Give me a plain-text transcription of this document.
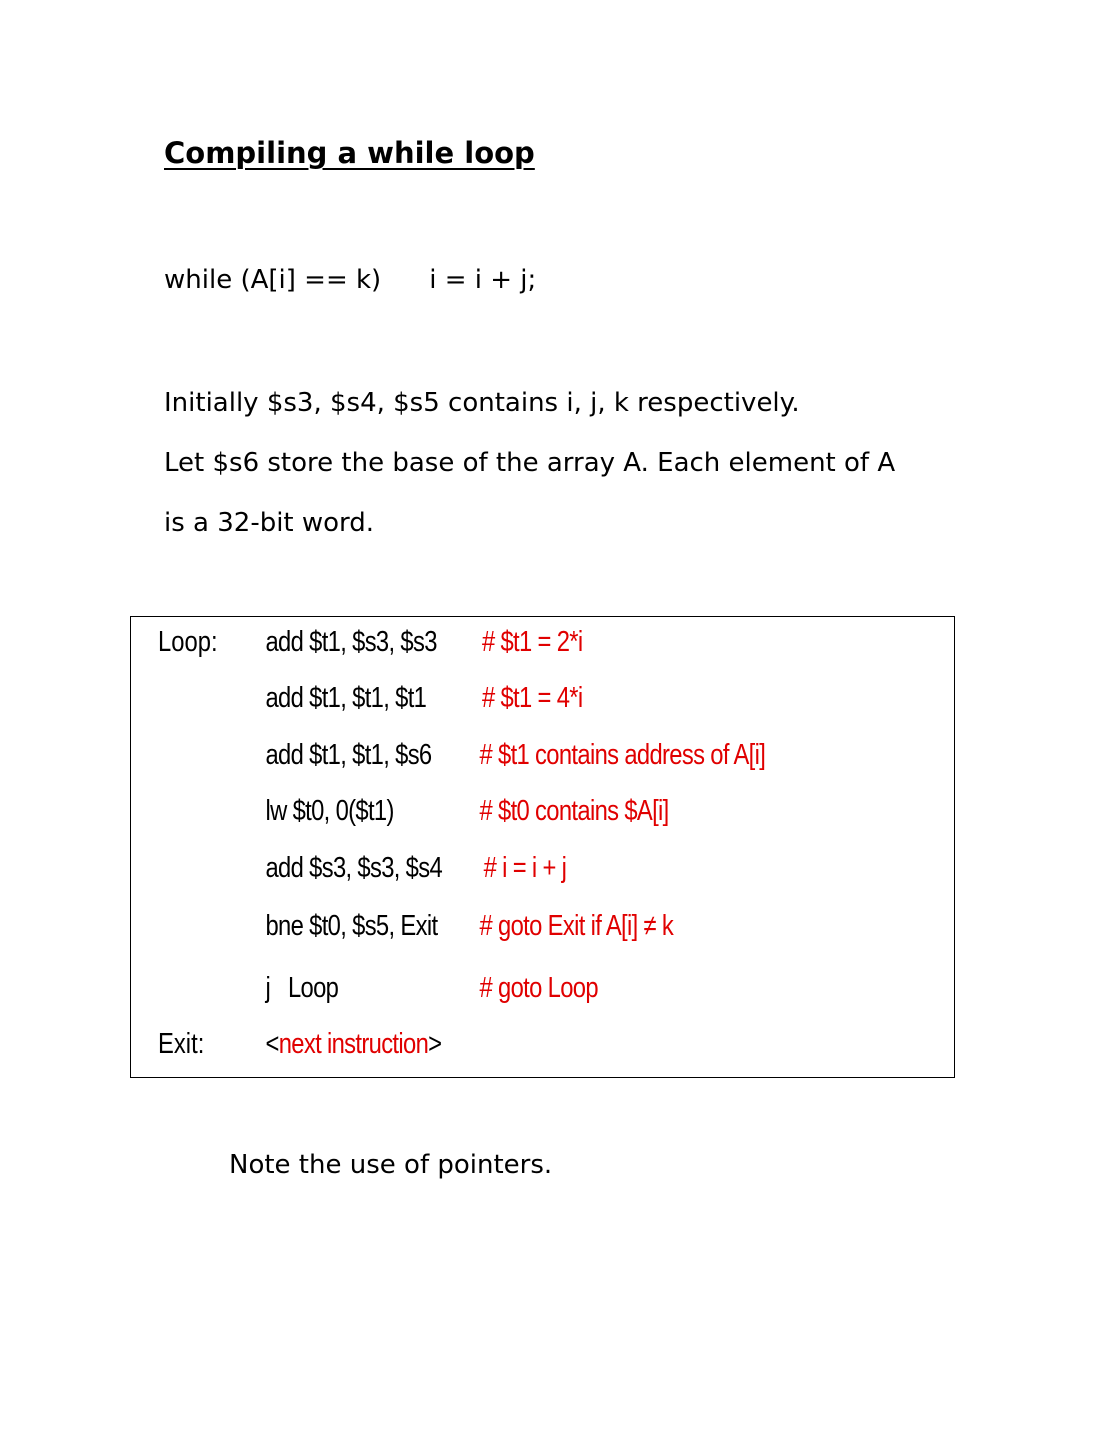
Compiling a while loop
while (A[i] == k) i = i + j;
Initially $s3, $s4, $s5 contains i, j, k respectively.
Let $s6 store the base of the array A. Each element of A
is a 32-bit word.
Loop: add $t1, $s3, $s3 # $t1 = 2*i
add $t1, $t1, $t1 # $t1 = 4*i
add $t1, $t1, $s6 # $t1 contains address of A[i]
lw $t0, 0($t1)	# $t0 contains $A[i]
add $s3, $s3, $s4 # i = i + j
bne $t0, $s5, Exit # goto Exit if A[i] ≠ k
j   Loop	# goto Loop
Exit: <next instruction>
Note the use of pointers.
